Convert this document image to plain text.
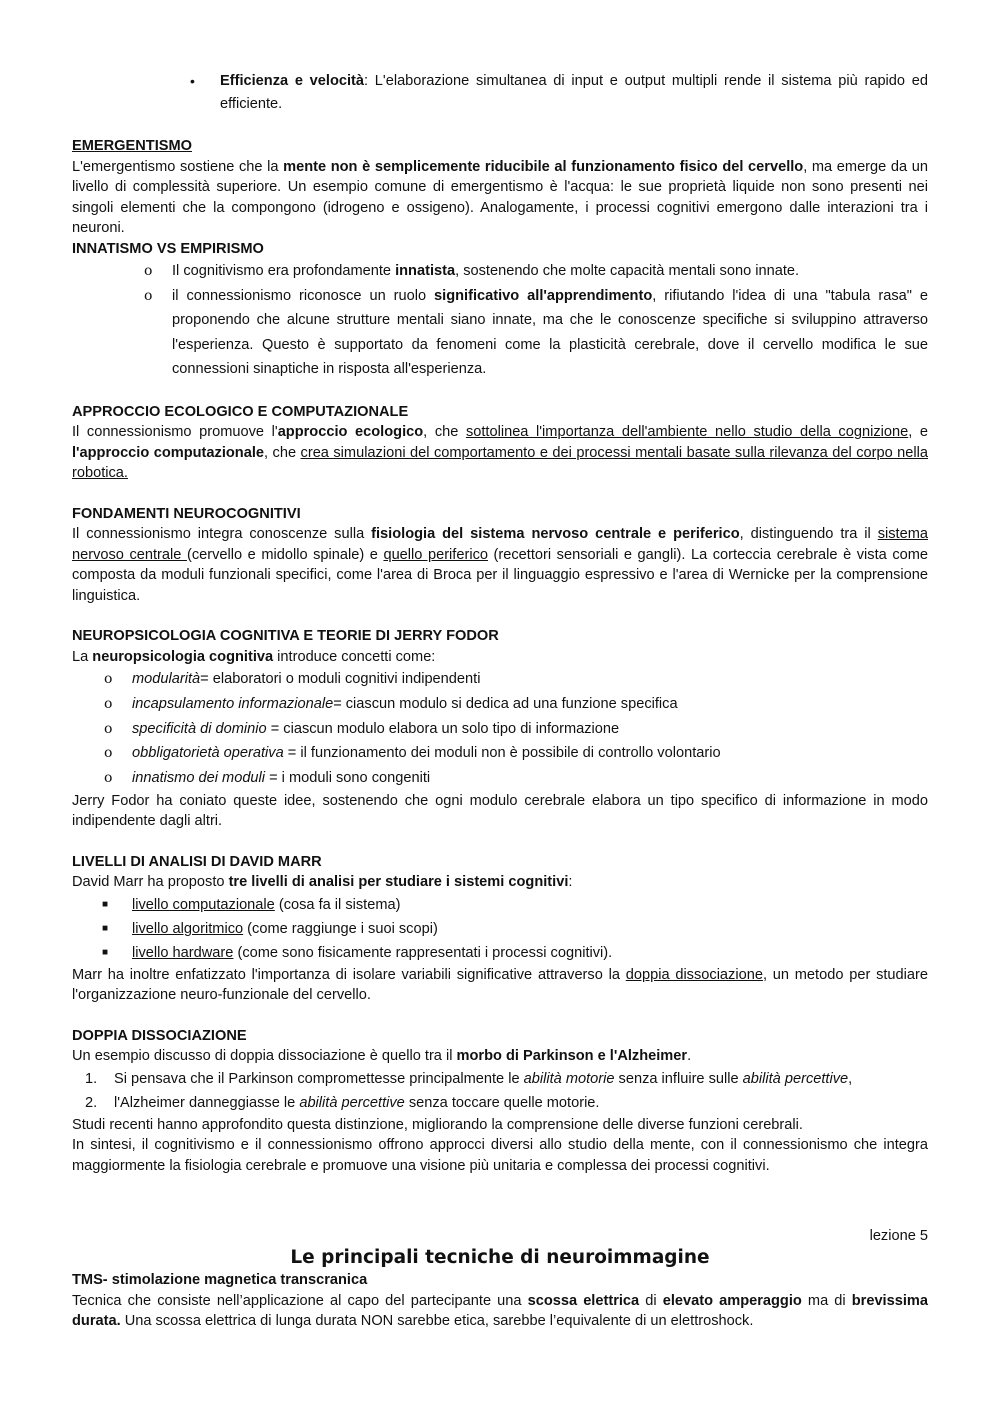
• Efficienza e velocità: L'elaborazione simultanea di input e output multipli rende il sistema più rapido ed efficiente.
EMERGENTISMO

L'emergentismo sostiene che la mente non è semplicemente riducibile al funzionamento fisico del cervello, ma emerge da un livello di complessità superiore. Un esempio comune di emergentismo è l'acqua: le sue proprietà liquide non sono presenti nei singoli elementi che la compongono (idrogeno e ossigeno). Analogamente, i processi cognitivi emergono dalle interazioni tra i neuroni.

INNATISMO VS EMPIRISMO
o Il cognitivismo era profondamente innatista, sostenendo che molte capacità mentali sono innate.
o il connessionismo riconosce un ruolo significativo all'apprendimento, rifiutando l'idea di una "tabula rasa" e proponendo che alcune strutture mentali siano innate, ma che le conoscenze specifiche si sviluppino attraverso l'esperienza. Questo è supportato da fenomeni come la plasticità cerebrale, dove il cervello modifica le sue connessioni sinaptiche in risposta all'esperienza.
APPROCCIO ECOLOGICO E COMPUTAZIONALE

Il connessionismo promuove l'approccio ecologico, che sottolinea l'importanza dell'ambiente nello studio della cognizione, e l'approccio computazionale, che crea simulazioni del comportamento e dei processi mentali basate sulla rilevanza del corpo nella robotica.

FONDAMENTI NEUROCOGNITIVI

Il connessionismo integra conoscenze sulla fisiologia del sistema nervoso centrale e periferico, distinguendo tra il sistema nervoso centrale (cervello e midollo spinale) e quello periferico (recettori sensoriali e gangli). La corteccia cerebrale è vista come composta da moduli funzionali specifici, come l'area di Broca per il linguaggio espressivo e l'area di Wernicke per la comprensione linguistica.

NEUROPSICOLOGIA COGNITIVA E TEORIE DI JERRY FODOR

La neuropsicologia cognitiva introduce concetti come:

o modularità= elaboratori o moduli cognitivi indipendenti
o incapsulamento informazionale= ciascun modulo si dedica ad una funzione specifica
o specificità di dominio = ciascun modulo elabora un solo tipo di informazione
o obbligatorietà operativa = il funzionamento dei moduli non è possibile di controllo volontario
o innatismo dei moduli = i moduli sono congeniti

Jerry Fodor ha coniato queste idee, sostenendo che ogni modulo cerebrale elabora un tipo specifico di informazione in modo indipendente dagli altri.

LIVELLI DI ANALISI DI DAVID MARR

David Marr ha proposto tre livelli di analisi per studiare i sistemi cognitivi:

■ livello computazionale (cosa fa il sistema)
■ livello algoritmico (come raggiunge i suoi scopi)
■ livello hardware (come sono fisicamente rappresentati i processi cognitivi).

Marr ha inoltre enfatizzato l'importanza di isolare variabili significative attraverso la doppia dissociazione, un metodo per studiare l'organizzazione neuro-funzionale del cervello.

DOPPIA DISSOCIAZIONE

Un esempio discusso di doppia dissociazione è quello tra il morbo di Parkinson e l'Alzheimer.

1. Si pensava che il Parkinson compromettesse principalmente le abilità motorie senza influire sulle abilità percettive,
2. l'Alzheimer danneggiasse le abilità percettive senza toccare quelle motorie.

Studi recenti hanno approfondito questa distinzione, migliorando la comprensione delle diverse funzioni cerebrali.

In sintesi, il cognitivismo e il connessionismo offrono approcci diversi allo studio della mente, con il connessionismo che integra maggiormente la fisiologia cerebrale e promuove una visione più unitaria e complessa dei processi cognitivi.

lezione 5
Le principali tecniche di neuroimmagine
TMS- stimolazione magnetica transcranica

Tecnica che consiste nell’applicazione al capo del partecipante una scossa elettrica di elevato amperaggio ma di brevissima durata. Una scossa elettrica di lunga durata NON sarebbe etica, sarebbe l’equivalente di un elettroshock.
